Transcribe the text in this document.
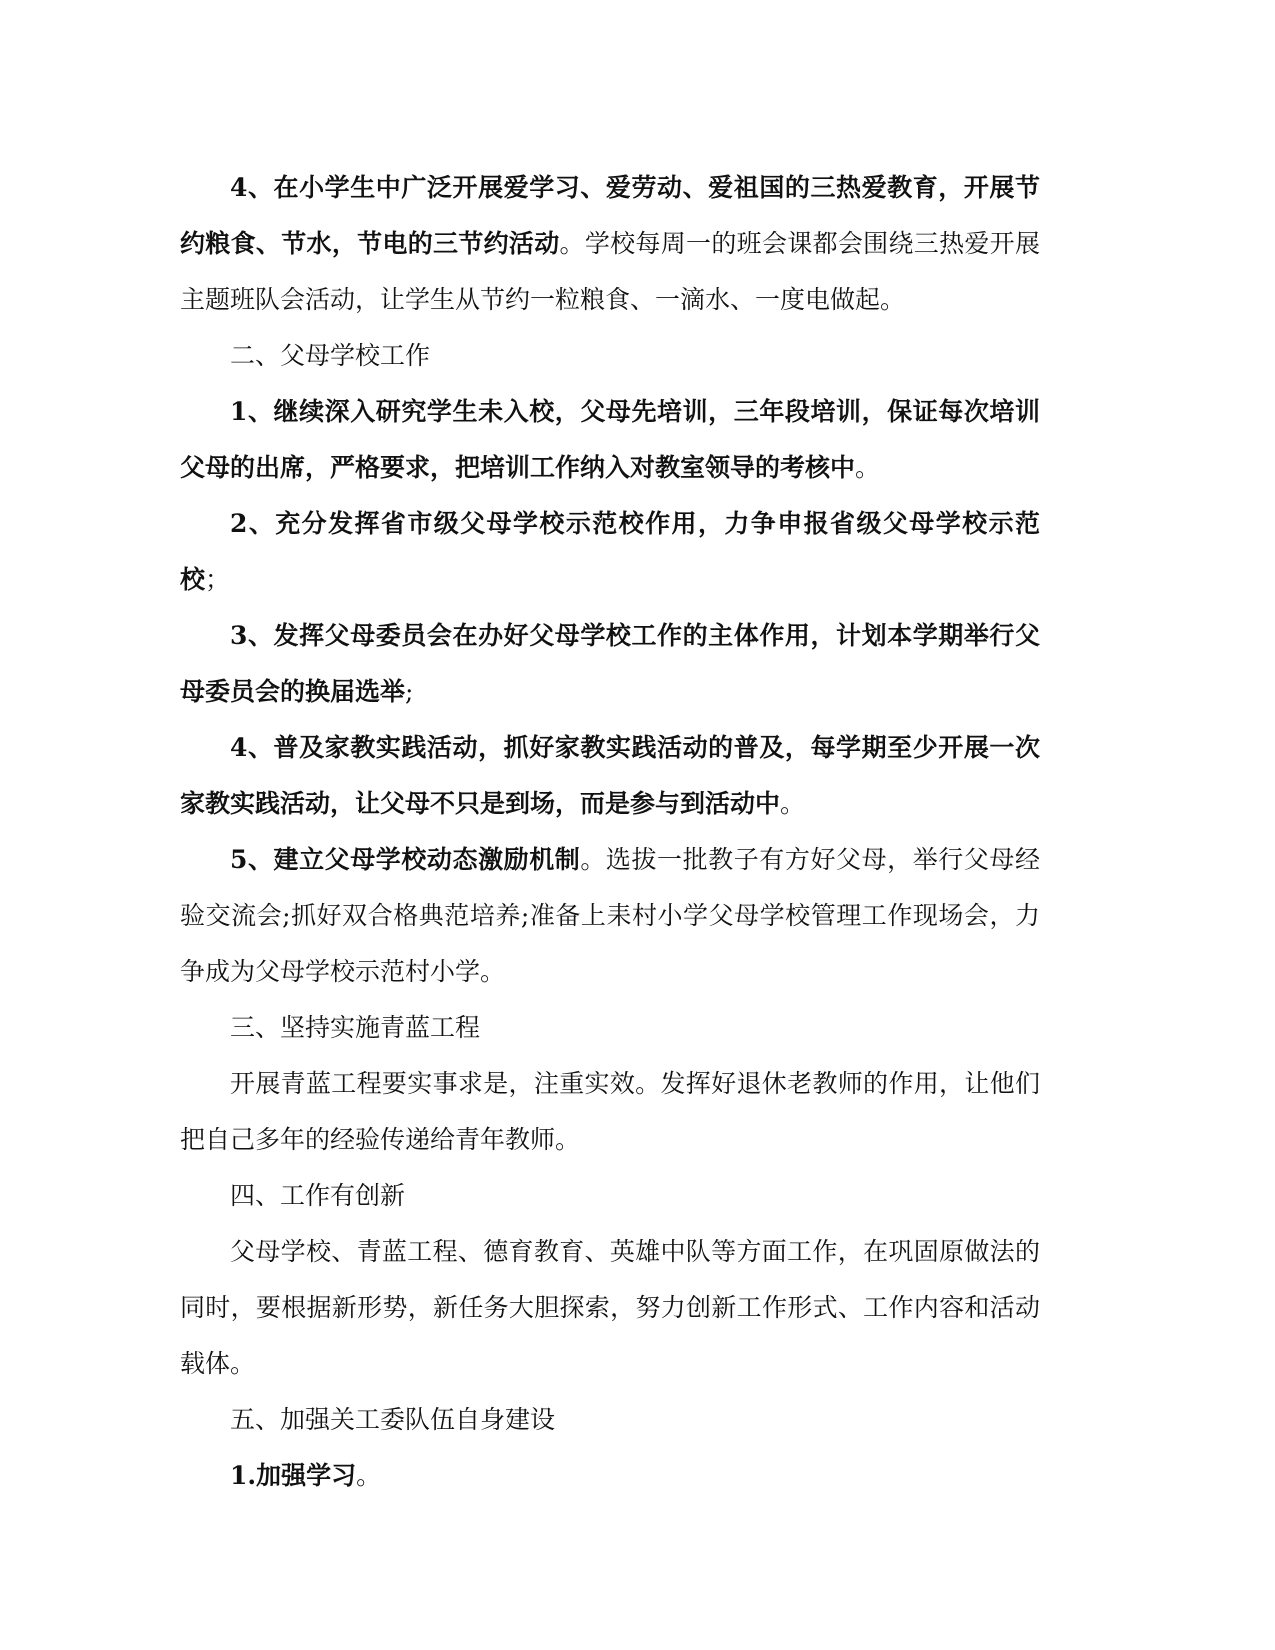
4、在小学生中广泛开展爱学习、爱劳动、爱祖国的三热爱教育，开展节约粮食、节水，节电的三节约活动。学校每周一的班会课都会围绕三热爱开展主题班队会活动，让学生从节约一粒粮食、一滴水、一度电做起。

二、父母学校工作

1、继续深入研究学生未入校，父母先培训，三年段培训，保证每次培训父母的出席，严格要求，把培训工作纳入对教室领导的考核中。

2、充分发挥省市级父母学校示范校作用，力争申报省级父母学校示范校；

3、发挥父母委员会在办好父母学校工作的主体作用，计划本学期举行父母委员会的换届选举;

4、普及家教实践活动，抓好家教实践活动的普及，每学期至少开展一次家教实践活动，让父母不只是到场，而是参与到活动中。

5、建立父母学校动态激励机制。选拔一批教子有方好父母，举行父母经验交流会;抓好双合格典范培养;准备上耒村小学父母学校管理工作现场会，力争成为父母学校示范村小学。

三、坚持实施青蓝工程

开展青蓝工程要实事求是，注重实效。发挥好退休老教师的作用，让他们把自己多年的经验传递给青年教师。

四、工作有创新

父母学校、青蓝工程、德育教育、英雄中队等方面工作，在巩固原做法的同时，要根据新形势，新任务大胆探索，努力创新工作形式、工作内容和活动载体。

五、加强关工委队伍自身建设

1.加强学习。
